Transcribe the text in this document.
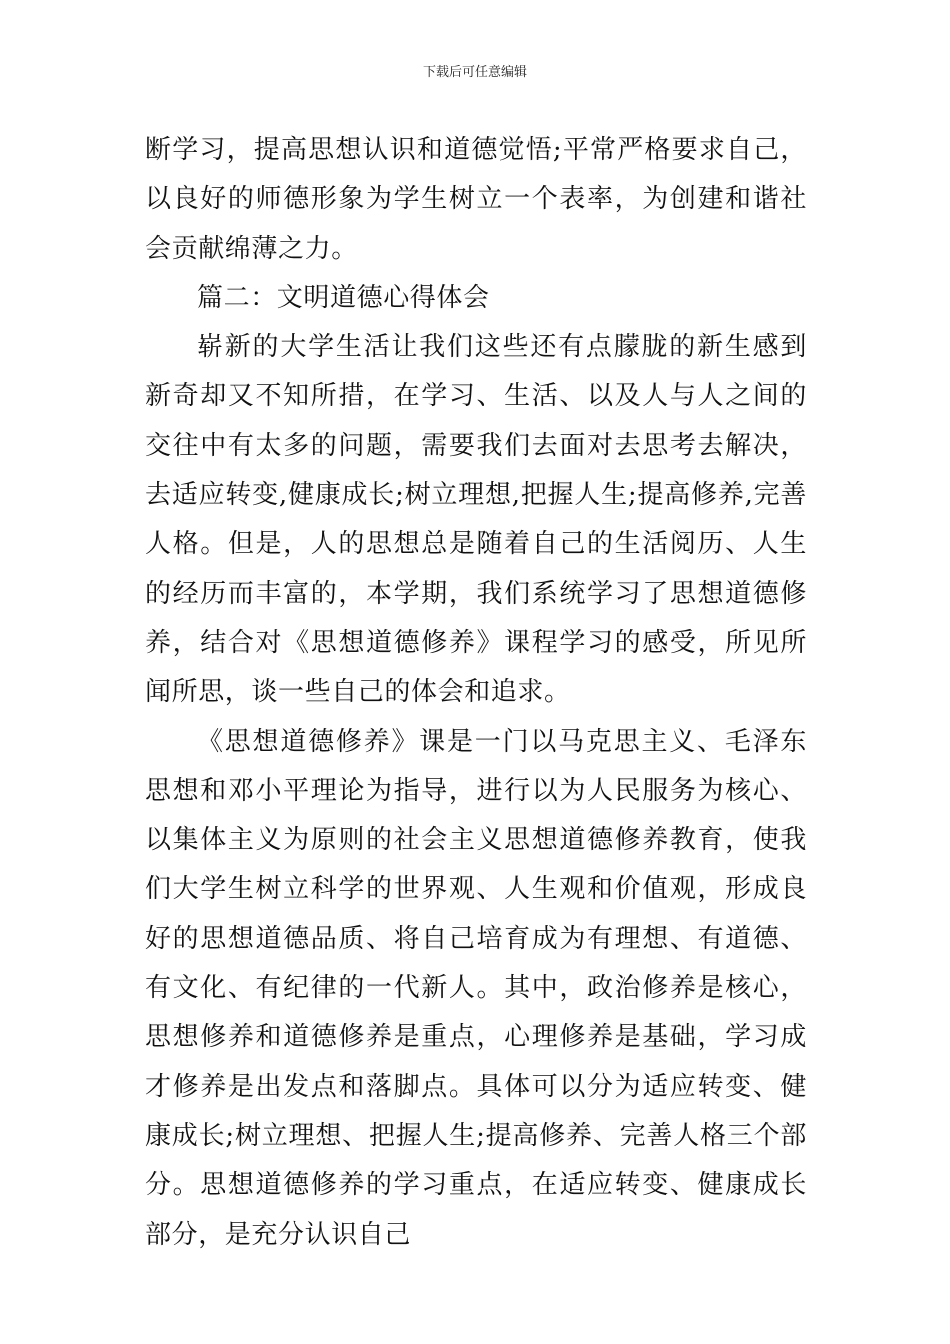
下载后可任意编辑

断学习，提高思想认识和道德觉悟;平常严格要求自己，以良好的师德形象为学生树立一个表率，为创建和谐社会贡献绵薄之力。

篇二：文明道德心得体会

崭新的大学生活让我们这些还有点朦胧的新生感到新奇却又不知所措，在学习、生活、以及人与人之间的交往中有太多的问题，需要我们去面对去思考去解决，去适应转变,健康成长;树立理想,把握人生;提高修养,完善人格。但是，人的思想总是随着自己的生活阅历、人生的经历而丰富的，本学期，我们系统学习了思想道德修养，结合对《思想道德修养》课程学习的感受，所见所闻所思，谈一些自己的体会和追求。

《思想道德修养》课是一门以马克思主义、毛泽东思想和邓小平理论为指导，进行以为人民服务为核心、以集体主义为原则的社会主义思想道德修养教育，使我们大学生树立科学的世界观、人生观和价值观，形成良好的思想道德品质、将自己培育成为有理想、有道德、有文化、有纪律的一代新人。其中，政治修养是核心，思想修养和道德修养是重点，心理修养是基础，学习成才修养是出发点和落脚点。具体可以分为适应转变、健康成长;树立理想、把握人生;提高修养、完善人格三个部分。思想道德修养的学习重点，在适应转变、健康成长部分，是充分认识自己
